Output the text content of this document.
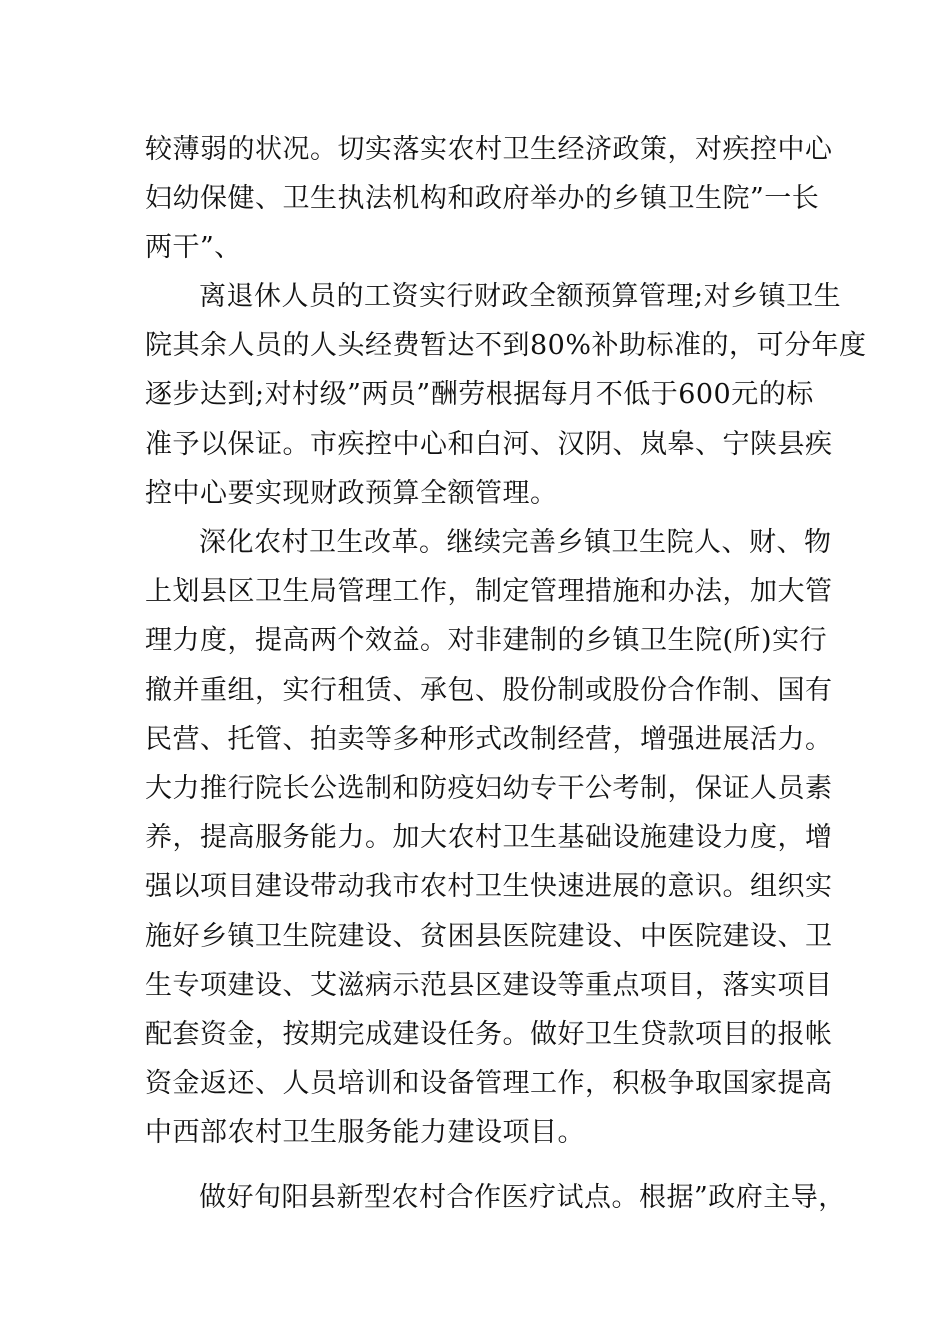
较薄弱的状况。切实落实农村卫生经济政策，对疾控中心
妇幼保健、卫生执法机构和政府举办的乡镇卫生院”一长
两干”、
离退休人员的工资实行财政全额预算管理;对乡镇卫生
院其余人员的人头经费暂达不到80%补助标准的，可分年度
逐步达到;对村级”两员”酬劳根据每月不低于600元的标
准予以保证。市疾控中心和白河、汉阴、岚皋、宁陕县疾
控中心要实现财政预算全额管理。
深化农村卫生改革。继续完善乡镇卫生院人、财、物
上划县区卫生局管理工作，制定管理措施和办法，加大管
理力度，提高两个效益。对非建制的乡镇卫生院(所)实行
撤并重组，实行租赁、承包、股份制或股份合作制、国有
民营、托管、拍卖等多种形式改制经营，增强进展活力。
大力推行院长公选制和防疫妇幼专干公考制，保证人员素
养，提高服务能力。加大农村卫生基础设施建设力度，增
强以项目建设带动我市农村卫生快速进展的意识。组织实
施好乡镇卫生院建设、贫困县医院建设、中医院建设、卫
生专项建设、艾滋病示范县区建设等重点项目，落实项目
配套资金，按期完成建设任务。做好卫生贷款项目的报帐
资金返还、人员培训和设备管理工作，积极争取国家提高
中西部农村卫生服务能力建设项目。
做好旬阳县新型农村合作医疗试点。根据”政府主导，
